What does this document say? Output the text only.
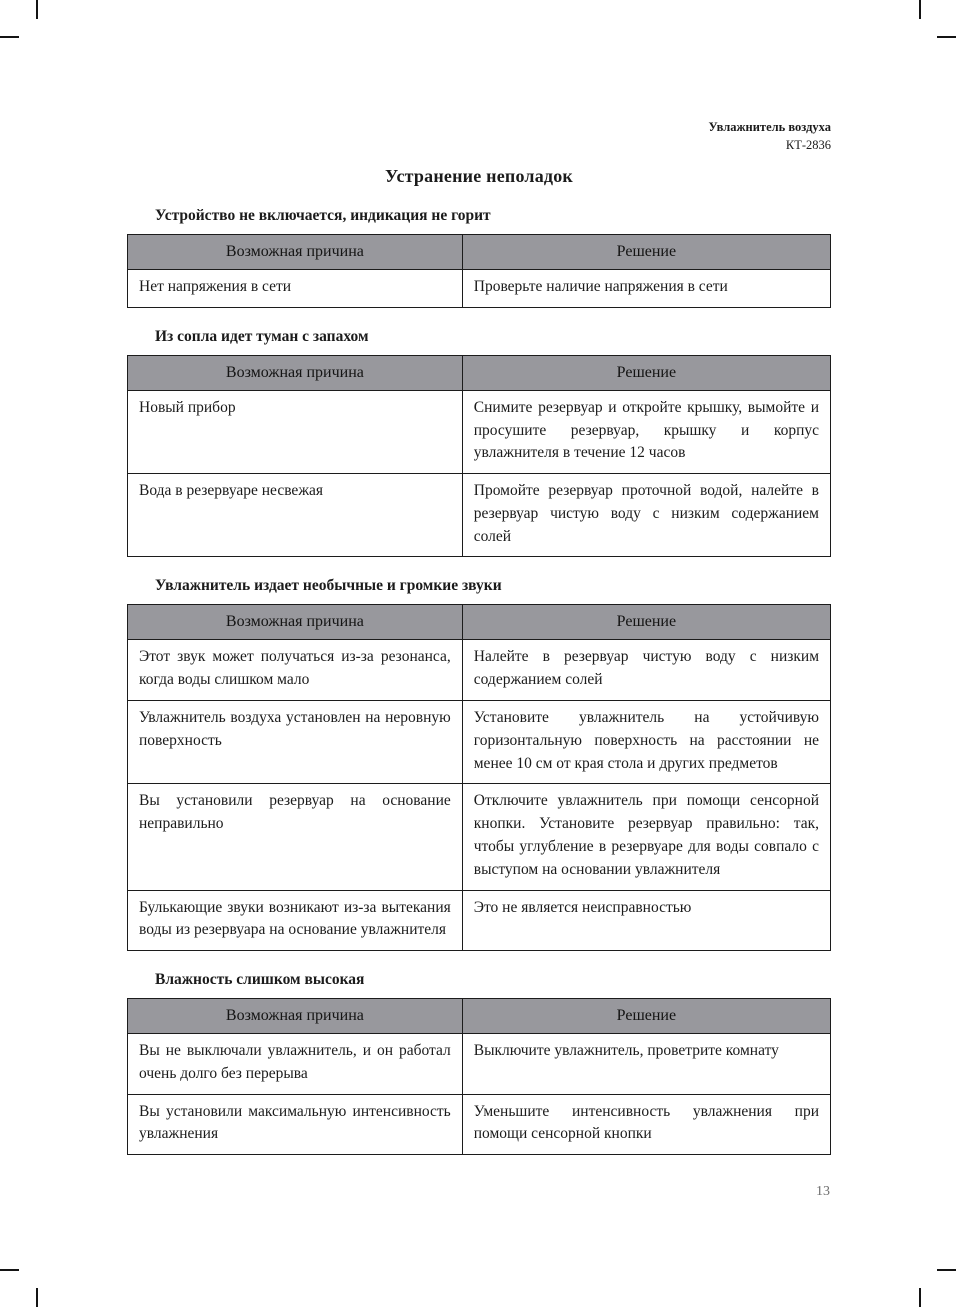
Увлажнитель воздуха
КТ-2836
Устранение неполадок
Устройство не включается, индикация не горит
Возможная причина	Решение
Нет напряжения в сети	Проверьте наличие напряжения в сети
Из сопла идет туман с запахом
Возможная причина	Решение
Новый прибор	Снимите резервуар и откройте крышку, вымойте и просушите резервуар, крышку и корпус увлажнителя в течение 12 часов
Вода в резервуаре несвежая	Промойте резервуар проточной водой, налейте в резервуар чистую воду с низким содержанием солей
Увлажнитель издает необычные и громкие звуки
Возможная причина	Решение
Этот звук может получаться из-за резонанса, когда воды слишком мало	Налейте в резервуар чистую воду с низким содержанием солей
Увлажнитель воздуха установлен на неровную поверхность	Установите увлажнитель на устойчивую горизонтальную поверхность на расстоянии не менее 10 см от края стола и других предметов
Вы установили резервуар на основание неправильно	Отключите увлажнитель при помощи сенсорной кнопки. Установите резервуар правильно: так, чтобы углубление в резервуаре для воды совпало с выступом на основании увлажнителя
Булькающие звуки возникают из-за вытекания воды из резервуара на основание увлажнителя	Это не является неисправностью
Влажность слишком высокая
Возможная причина	Решение
Вы не выключали увлажнитель, и он работал очень долго без перерыва	Выключите увлажнитель, проветрите комнату
Вы установили максимальную интенсивность увлажнения	Уменьшите интенсивность увлажнения при помощи сенсорной кнопки
13
